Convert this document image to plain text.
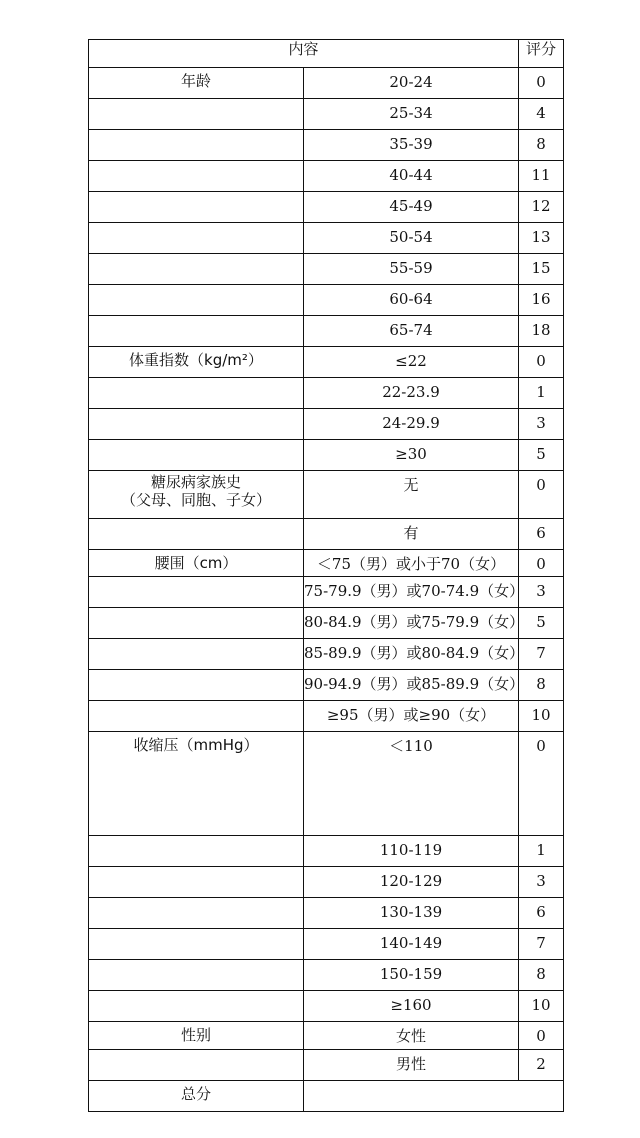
内容		评分

年龄	20-24	0

	25-34	4

	35-39	8

	40-44	11

	45-49	12

	50-54	13

	55-59	15

	60-64	16

	65-74	18

体重指数（kg/m²）	≤22	0

	22-23.9	1

	24-29.9	3

	≥30	5

糖尿病家族史
（父母、同胞、子女）	无	0

	有	6

腰围（cm）	＜75（男）或小于70（女）	0

	75-79.9（男）或70-74.9（女）	3

	80-84.9（男）或75-79.9（女）	5

	85-89.9（男）或80-84.9（女）	7

	90-94.9（男）或85-89.9（女）	8

	≥95（男）或≥90（女）	10

收缩压（mmHg）	＜110	0

	110-119	1

	120-129	3

	130-139	6

	140-149	7

	150-159	8

	≥160	10

性别	女性	0

	男性	2

总分		
